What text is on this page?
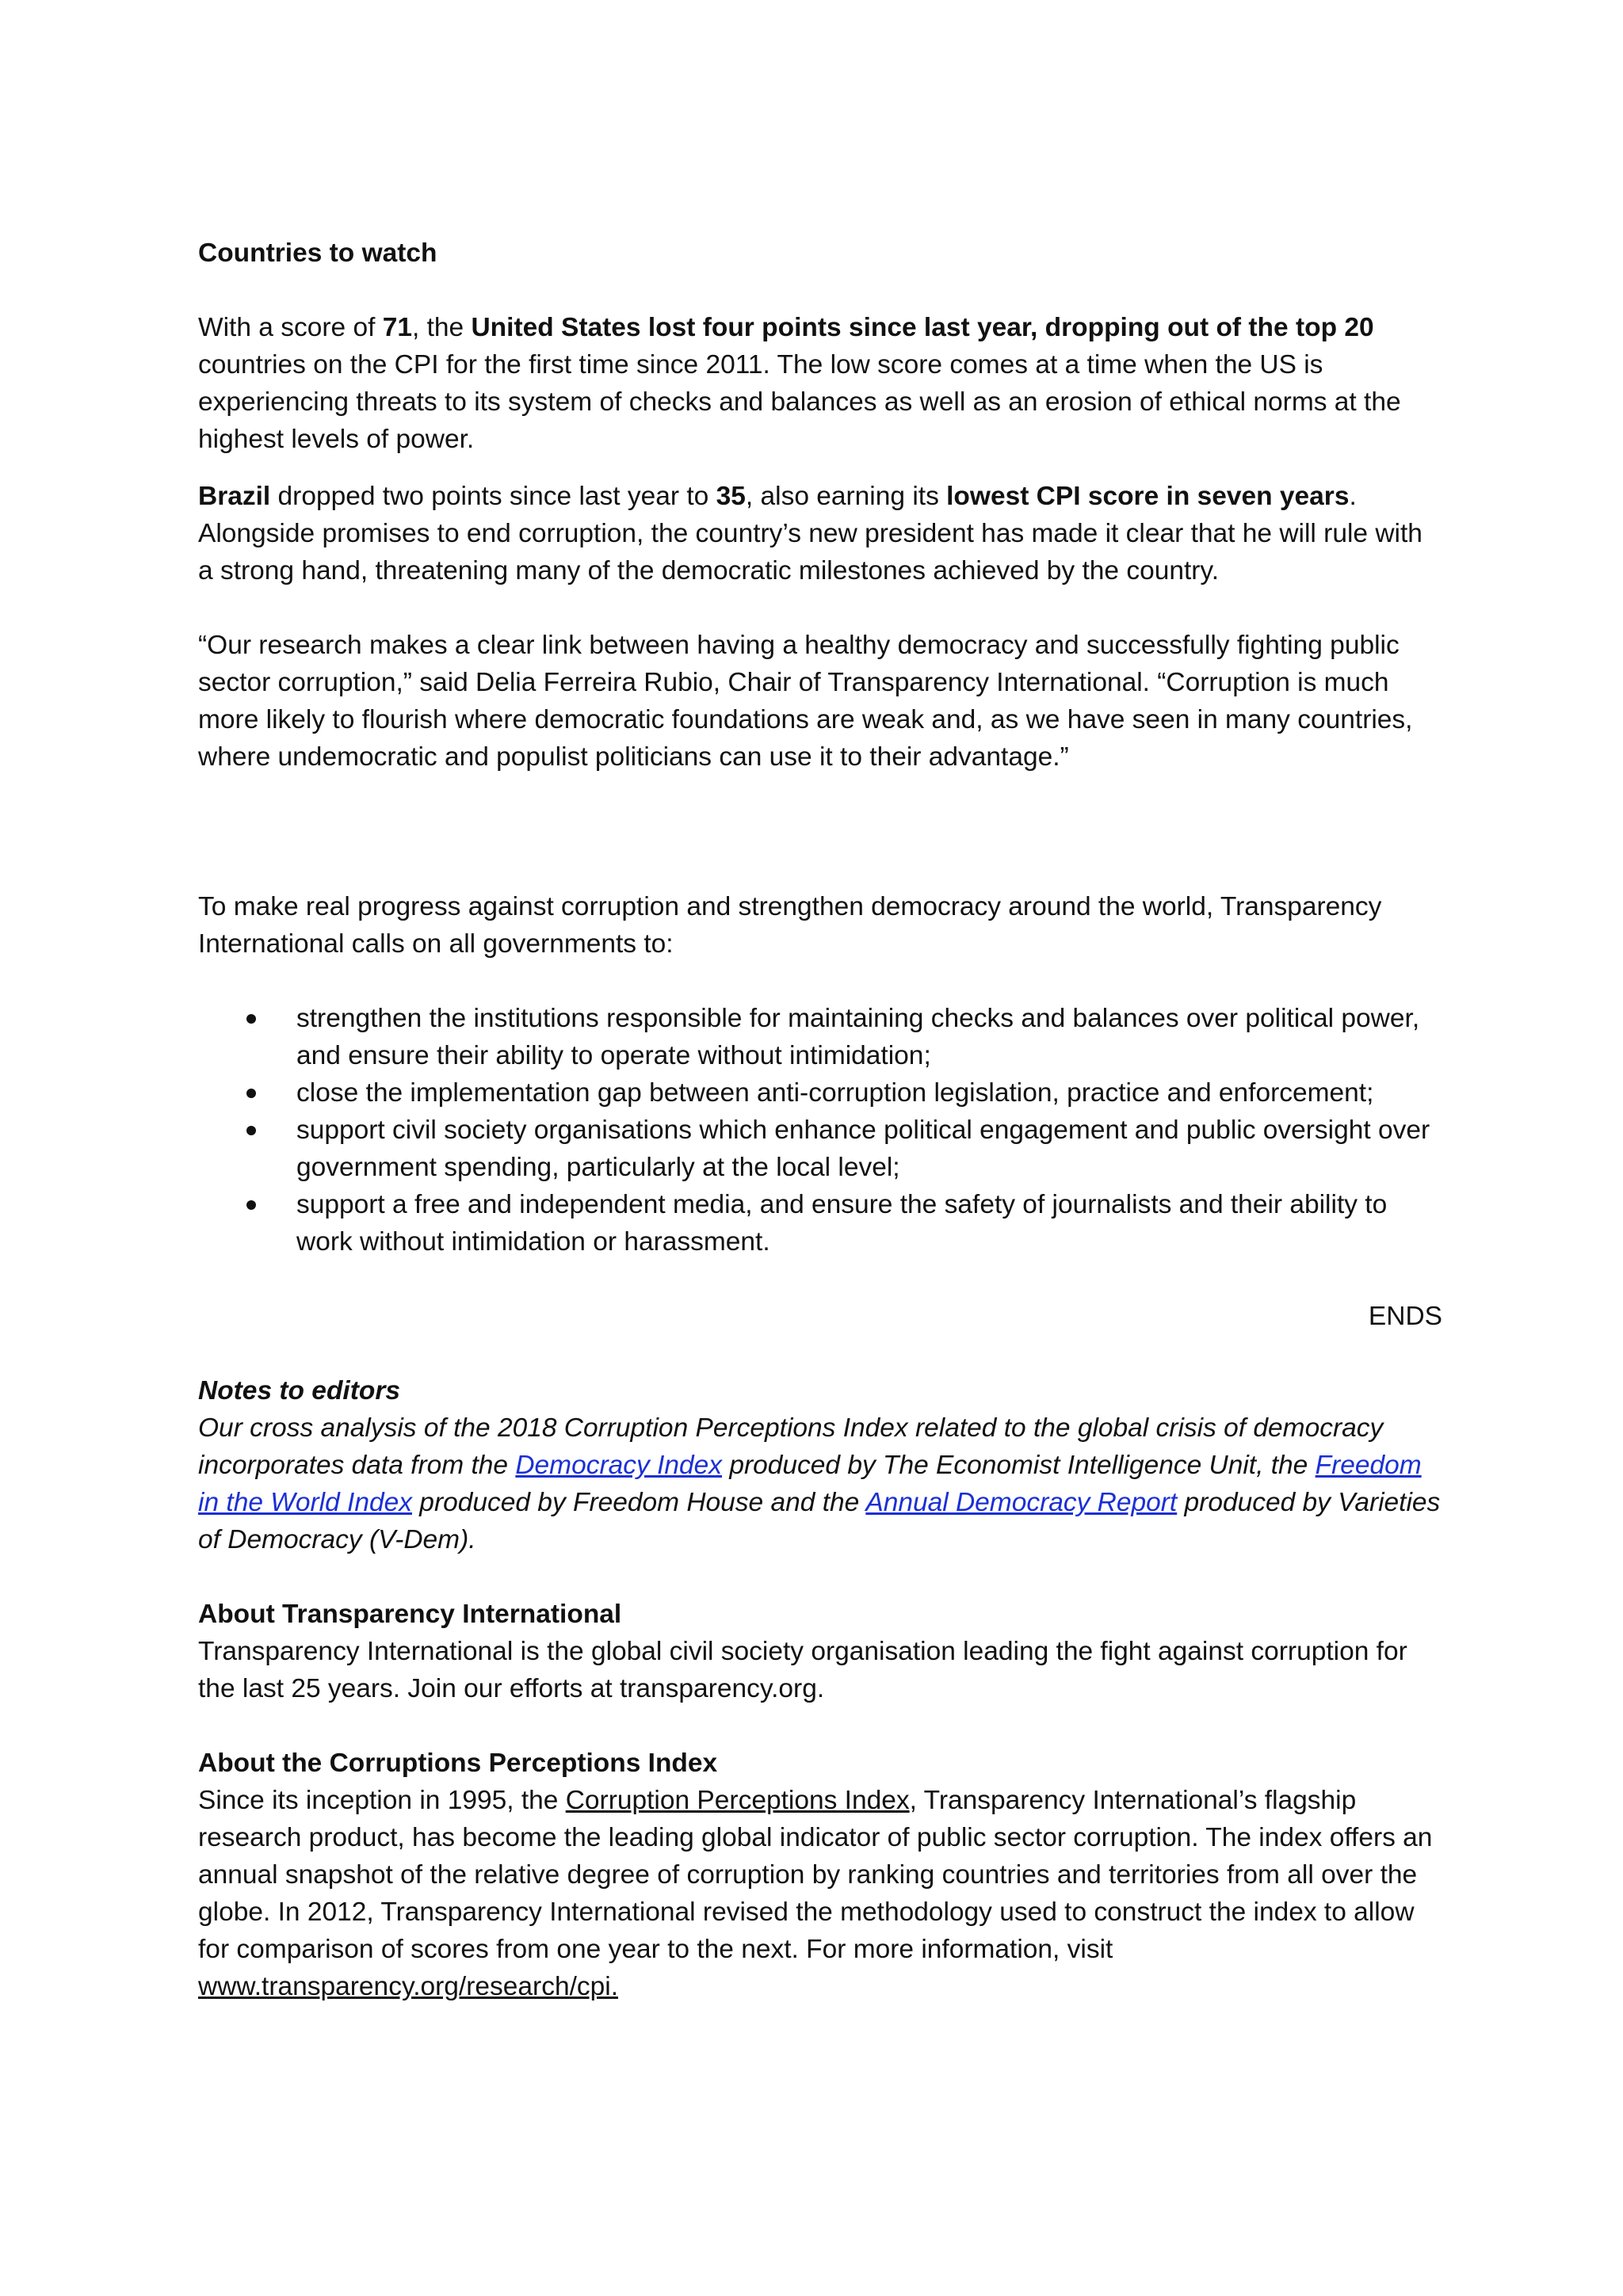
Countries to watch

With a score of 71, the United States lost four points since last year, dropping out of the top 20 countries on the CPI for the first time since 2011. The low score comes at a time when the US is experiencing threats to its system of checks and balances as well as an erosion of ethical norms at the highest levels of power.

Brazil dropped two points since last year to 35, also earning its lowest CPI score in seven years. Alongside promises to end corruption, the country’s new president has made it clear that he will rule with a strong hand, threatening many of the democratic milestones achieved by the country.

“Our research makes a clear link between having a healthy democracy and successfully fighting public sector corruption,” said Delia Ferreira Rubio, Chair of Transparency International. “Corruption is much more likely to flourish where democratic foundations are weak and, as we have seen in many countries, where undemocratic and populist politicians can use it to their advantage.”

To make real progress against corruption and strengthen democracy around the world, Transparency International calls on all governments to:

strengthen the institutions responsible for maintaining checks and balances over political power, and ensure their ability to operate without intimidation;
close the implementation gap between anti-corruption legislation, practice and enforcement;
support civil society organisations which enhance political engagement and public oversight over government spending, particularly at the local level;
support a free and independent media, and ensure the safety of journalists and their ability to work without intimidation or harassment.

ENDS

Notes to editors

Our cross analysis of the 2018 Corruption Perceptions Index related to the global crisis of democracy incorporates data from the Democracy Index produced by The Economist Intelligence Unit, the Freedom in the World Index produced by Freedom House and the Annual Democracy Report produced by Varieties of Democracy (V-Dem).

About Transparency International

Transparency International is the global civil society organisation leading the fight against corruption for the last 25 years. Join our efforts at transparency.org.

About the Corruptions Perceptions Index

Since its inception in 1995, the Corruption Perceptions Index, Transparency International’s flagship research product, has become the leading global indicator of public sector corruption. The index offers an annual snapshot of the relative degree of corruption by ranking countries and territories from all over the globe. In 2012, Transparency International revised the methodology used to construct the index to allow for comparison of scores from one year to the next. For more information, visit www.transparency.org/research/cpi.
